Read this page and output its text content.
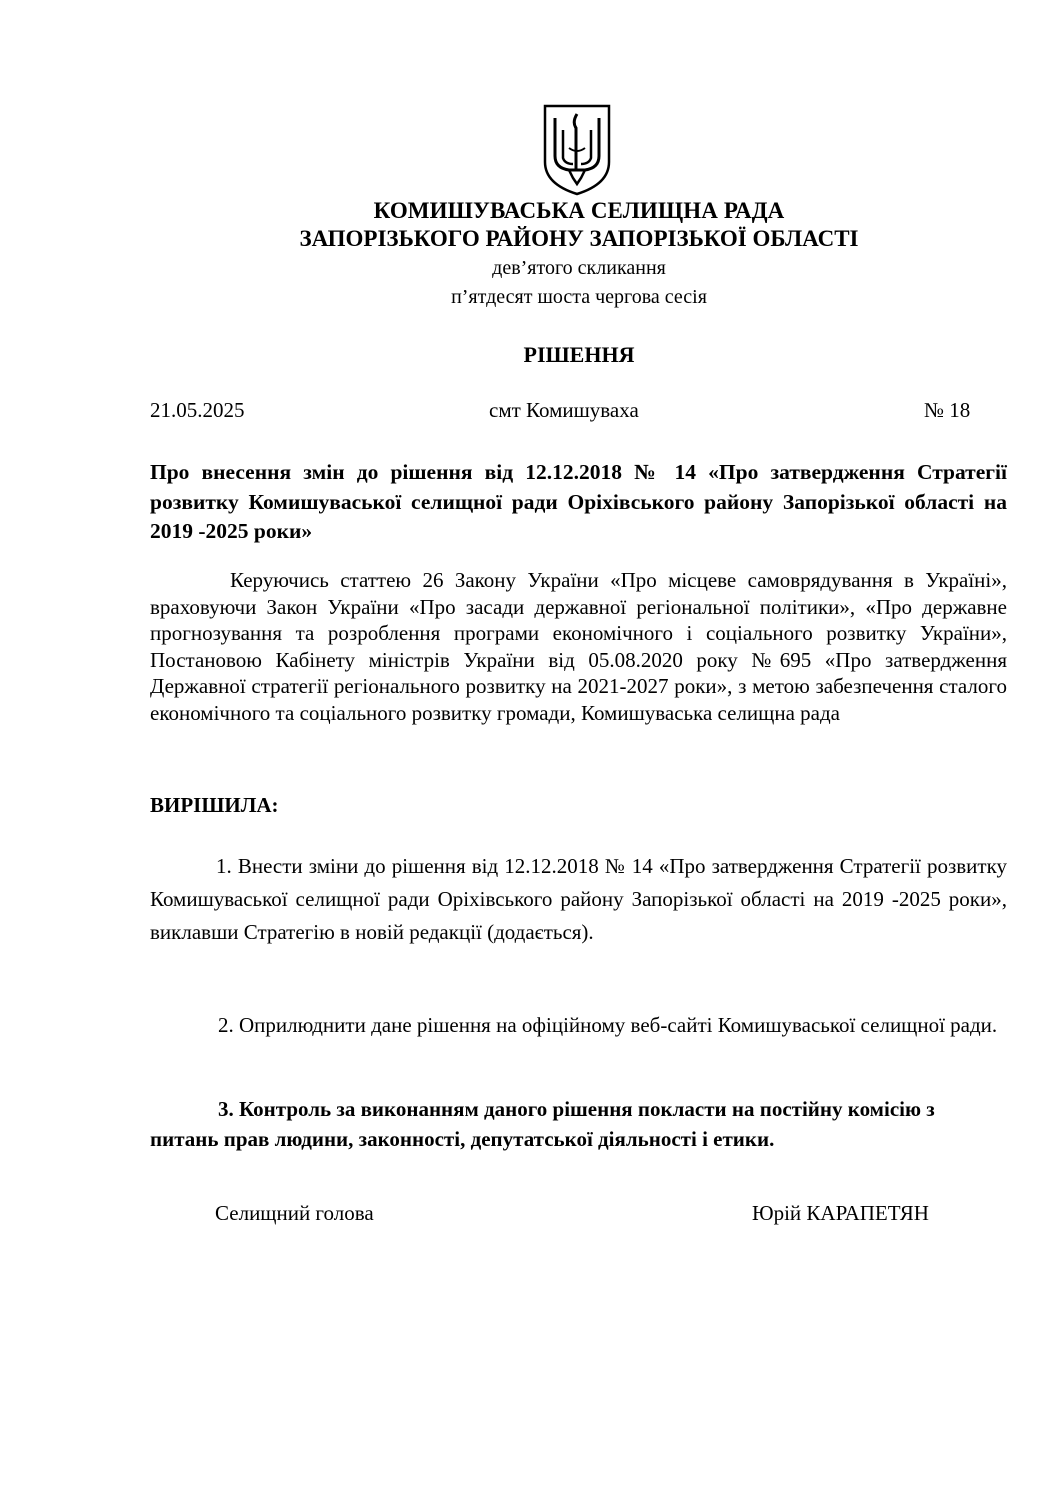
КОМИШУВАСЬКА СЕЛИЩНА РАДА
ЗАПОРІЗЬКОГО РАЙОНУ ЗАПОРІЗЬКОЇ ОБЛАСТІ
дев’ятого скликання
п’ятдесят шоста чергова сесія
РІШЕННЯ
21.05.2025	смт Комишуваха	№ 18
Про внесення змін до рішення від 12.12.2018 № 14 «Про затвердження Стратегії розвитку Комишуваської селищної ради Оріхівського району Запорізької області на 2019 -2025 роки»
Керуючись статтею 26 Закону України «Про місцеве самоврядування в Україні», враховуючи Закон України «Про засади державної регіональної політики», «Про державне прогнозування та розроблення програми економічного і соціального розвитку України», Постановою Кабінету міністрів України від 05.08.2020 року №695 «Про затвердження Державної стратегії регіонального розвитку на 2021-2027 роки», з метою забезпечення сталого економічного та соціального розвитку громади, Комишуваська селищна рада
ВИРІШИЛА:
1. Внести зміни до рішення від 12.12.2018 № 14 «Про затвердження Стратегії розвитку Комишуваської селищної ради Оріхівського району Запорізької області на 2019 -2025 роки», виклавши Стратегію в новій редакції (додається).
2. Оприлюднити дане рішення на офіційному веб-сайті Комишуваської селищної ради.
3. Контроль за виконанням даного рішення покласти на постійну комісію з питань прав людини, законності, депутатської діяльності і етики.
Селищний голова	Юрій КАРАПЕТЯН
